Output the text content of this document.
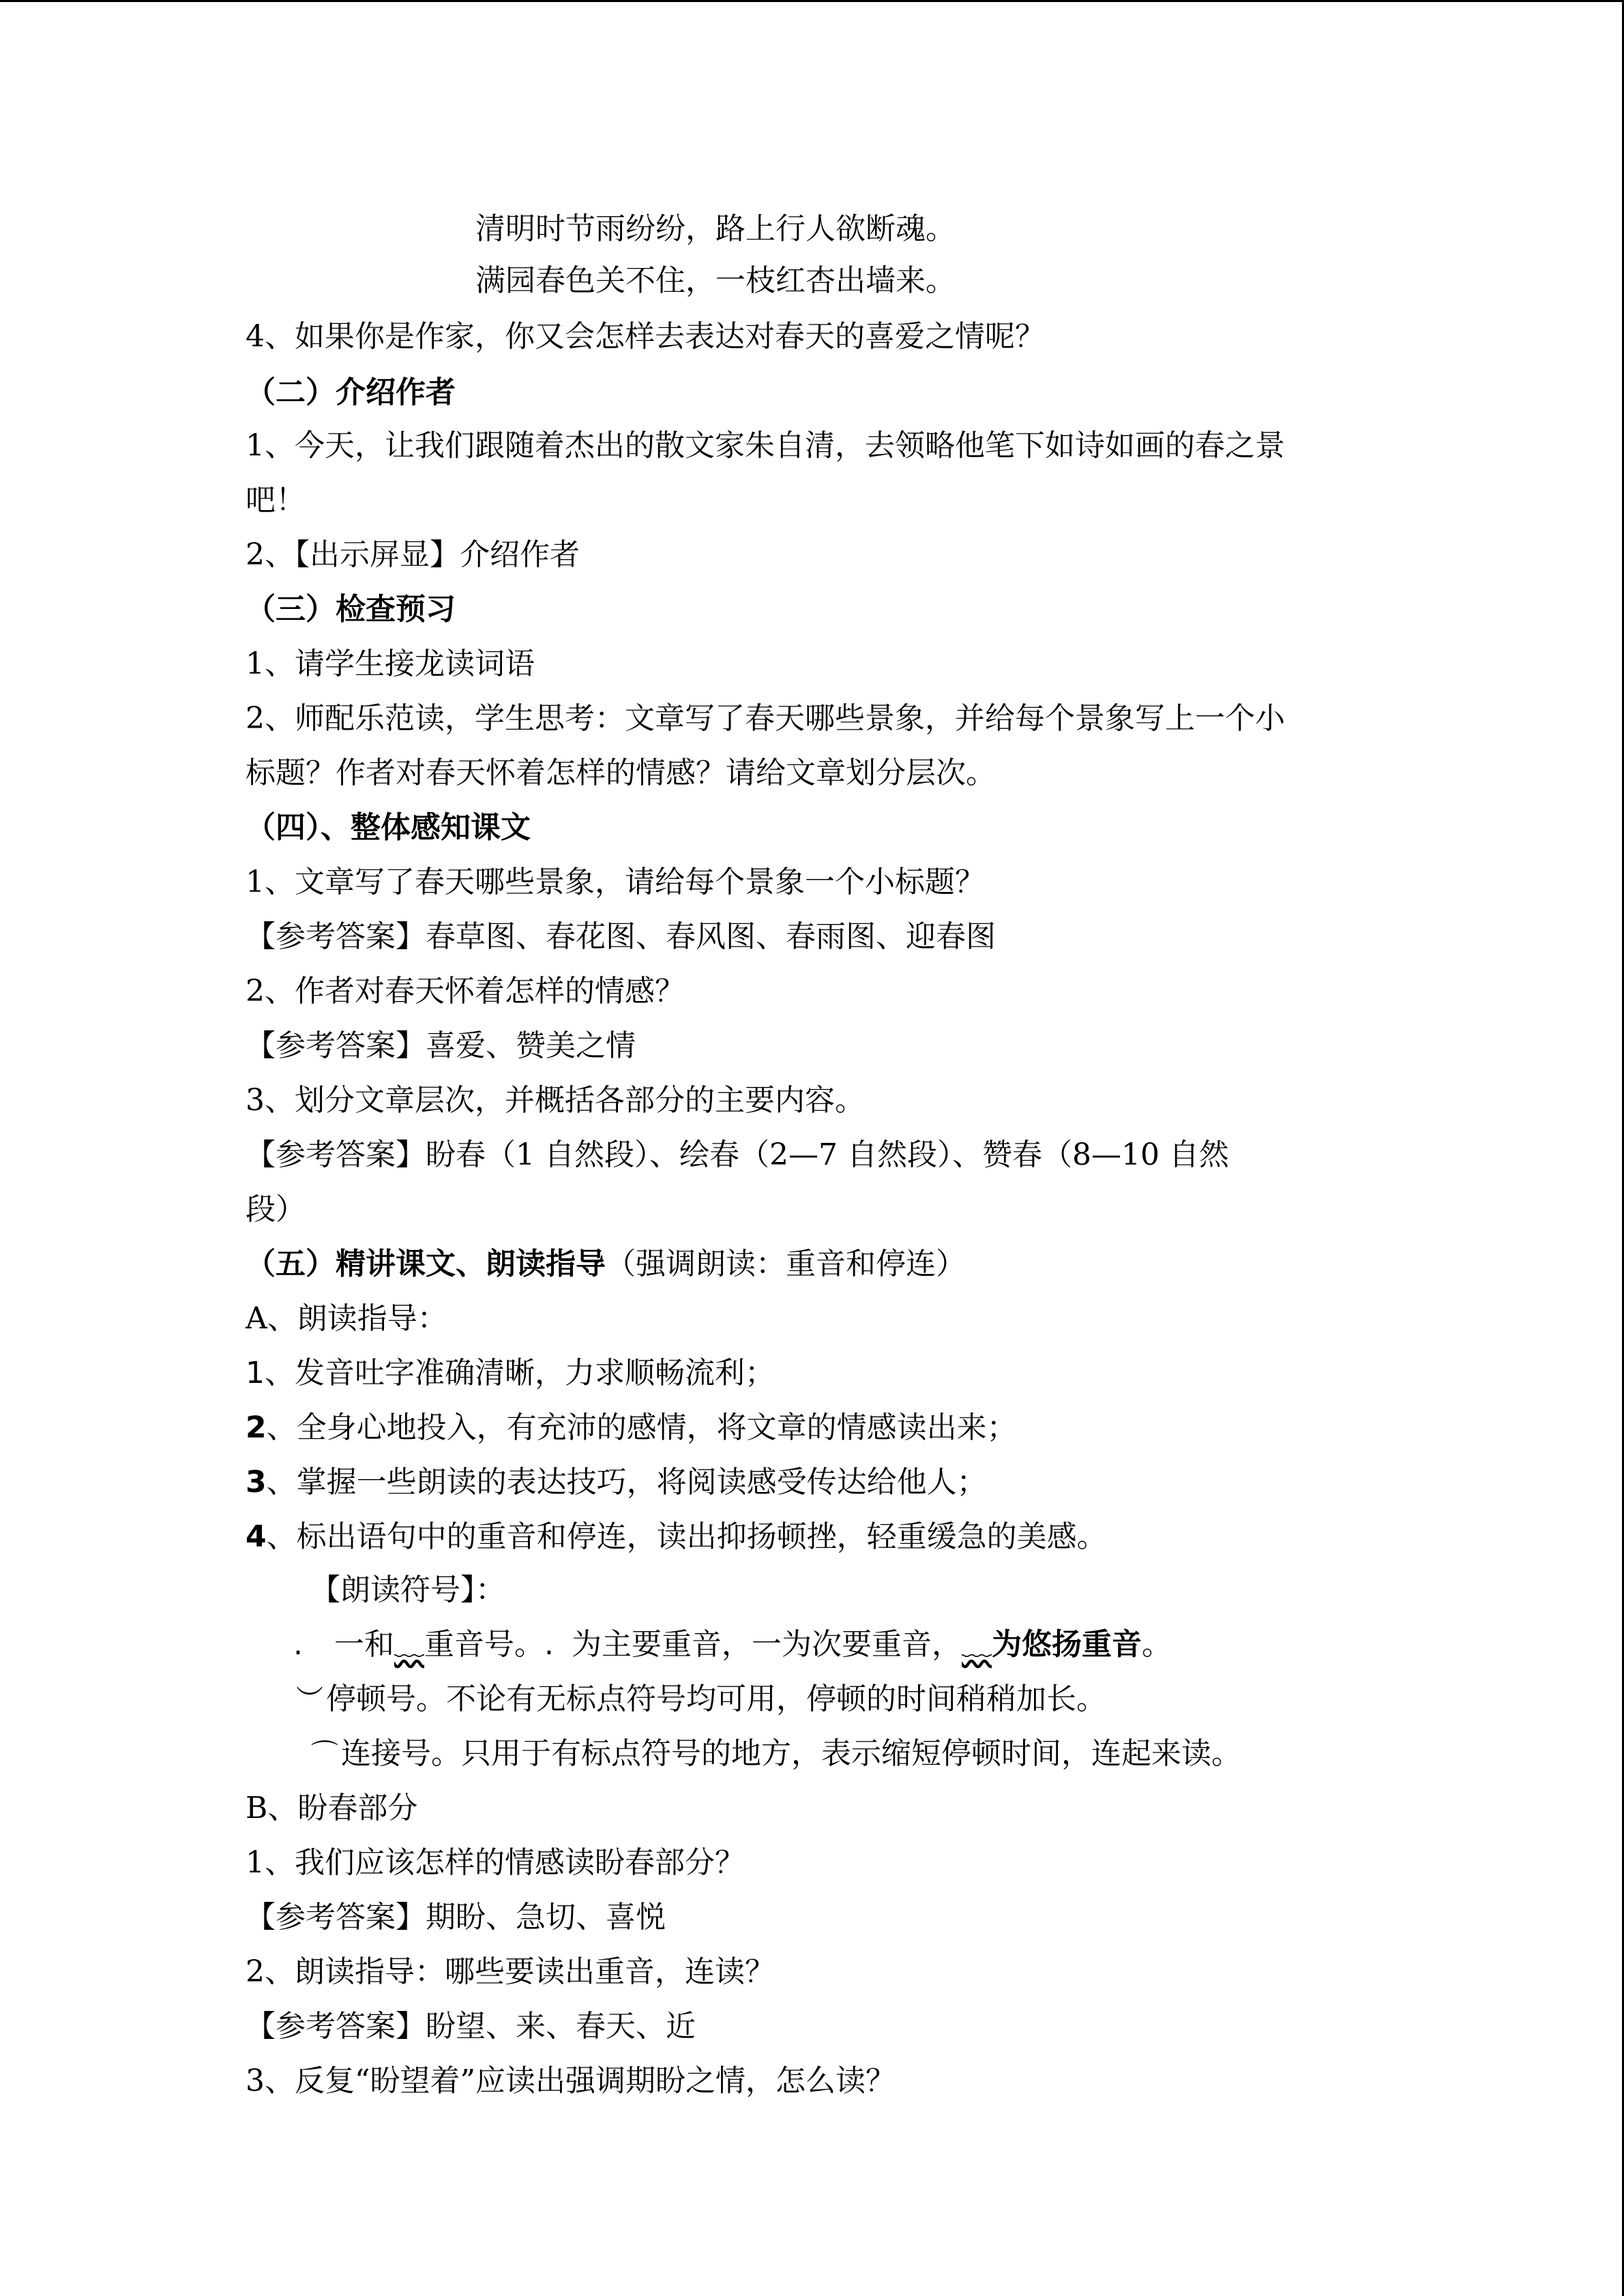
清明时节雨纷纷，路上行人欲断魂。
满园春色关不住，一枝红杏出墙来。
4、如果你是作家，你又会怎样去表达对春天的喜爱之情呢？
（二）介绍作者
1、今天，让我们跟随着杰出的散文家朱自清，去领略他笔下如诗如画的春之景
吧！
2、【出示屏显】介绍作者
（三）检查预习
1、请学生接龙读词语
2、师配乐范读，学生思考：文章写了春天哪些景象，并给每个景象写上一个小
标题？作者对春天怀着怎样的情感？请给文章划分层次。
（四）、整体感知课文
1、文章写了春天哪些景象，请给每个景象一个小标题？
【参考答案】春草图、春花图、春风图、春雨图、迎春图
2、作者对春天怀着怎样的情感？
【参考答案】喜爱、赞美之情
3、划分文章层次，并概括各部分的主要内容。
【参考答案】盼春（1 自然段）、绘春（2—7 自然段）、赞春（8—10 自然
段）
（五）精讲课文、朗读指导（强调朗读：重音和停连）
A、朗读指导：
1、发音吐字准确清晰，力求顺畅流利；
2、全身心地投入，有充沛的感情，将文章的情感读出来；
3、掌握一些朗读的表达技巧，将阅读感受传达给他人；
4、标出语句中的重音和停连，读出抑扬顿挫，轻重缓急的美感。
【朗读符号】：
. 一和﹏重音号。. 为主要重音，一为次要重音，﹏为悠扬重音。
︶停顿号。不论有无标点符号均可用，停顿的时间稍稍加长。
⌒连接号。只用于有标点符号的地方，表示缩短停顿时间，连起来读。
B、盼春部分
1、我们应该怎样的情感读盼春部分？
【参考答案】期盼、急切、喜悦
2、朗读指导：哪些要读出重音，连读？
【参考答案】盼望、来、春天、近
3、反复“盼望着”应读出强调期盼之情，怎么读？
